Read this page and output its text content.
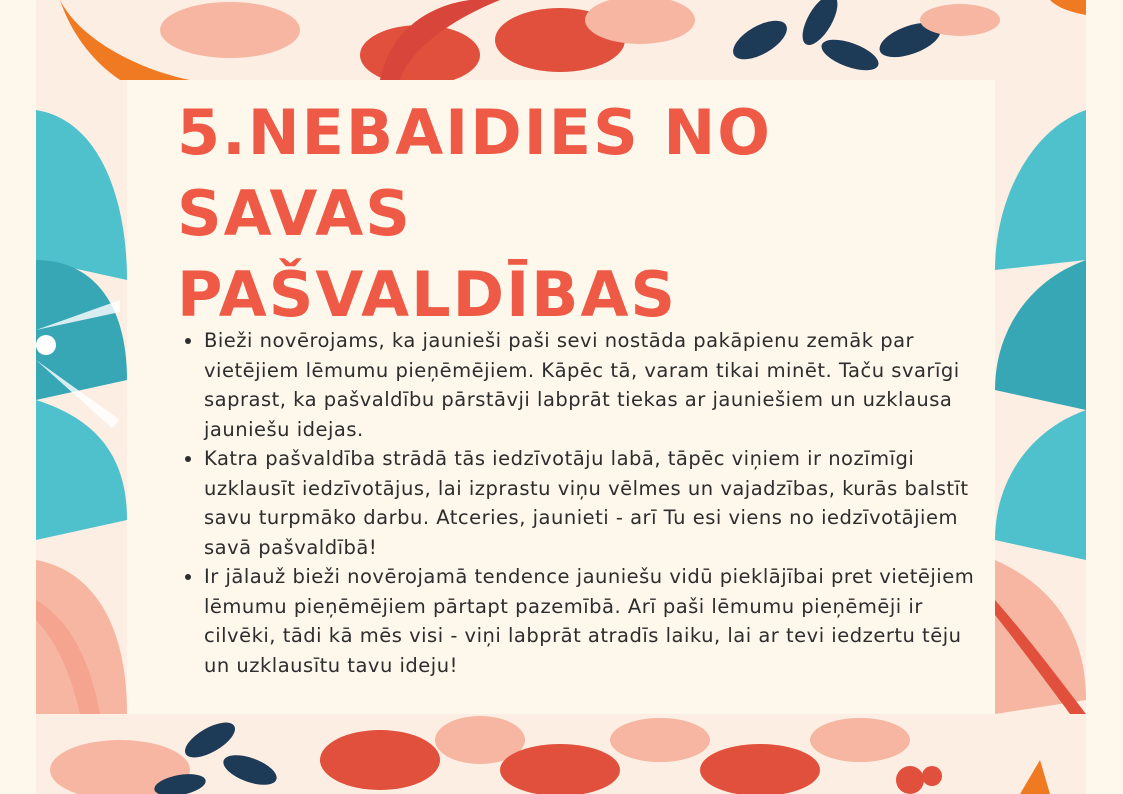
5.NEBAIDIES NO
SAVAS
PAŠVALDĪBAS
• Bieži novērojams, ka jaunieši paši sevi nostāda pakāpienu zemāk par vietējiem lēmumu pieņēmējiem. Kāpēc tā, varam tikai minēt. Taču svarīgi saprast, ka pašvaldību pārstāvji labprāt tiekas ar jauniešiem un uzklausa jauniešu idejas.
• Katra pašvaldība strādā tās iedzīvotāju labā, tāpēc viņiem ir nozīmīgi uzklausīt iedzīvotājus, lai izprastu viņu vēlmes un vajadzības, kurās balstīt savu turpmāko darbu. Atceries, jaunieti - arī Tu esi viens no iedzīvotājiem savā pašvaldībā!
• Ir jālauž bieži novērojamā tendence jauniešu vidū pieklājībai pret vietējiem lēmumu pieņēmējiem pārtapt pazemībā. Arī paši lēmumu pieņēmēji ir cilvēki, tādi kā mēs visi - viņi labprāt atradīs laiku, lai ar tevi iedzertu tēju un uzklausītu tavu ideju!
